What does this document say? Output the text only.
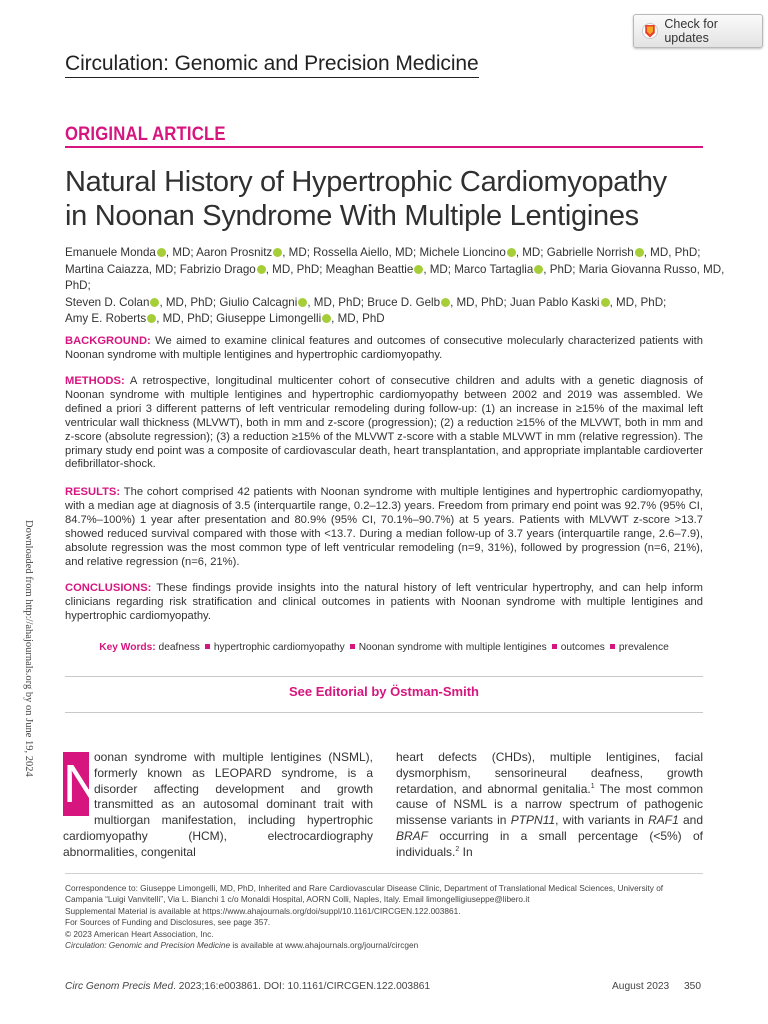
Check for updates
Circulation: Genomic and Precision Medicine
ORIGINAL ARTICLE
Natural History of Hypertrophic Cardiomyopathy
in Noonan Syndrome With Multiple Lentigines
Emanuele Monda , MD; Aaron Prosnitz , MD; Rossella Aiello, MD; Michele Lioncino , MD; Gabrielle Norrish , MD, PhD;
Martina Caiazza, MD; Fabrizio Drago , MD, PhD; Meaghan Beattie , MD; Marco Tartaglia , PhD; Maria Giovanna Russo, MD, PhD;
Steven D. Colan , MD, PhD; Giulio Calcagni , MD, PhD; Bruce D. Gelb , MD, PhD; Juan Pablo Kaski , MD, PhD;
Amy E. Roberts , MD, PhD; Giuseppe Limongelli , MD, PhD

BACKGROUND: We aimed to examine clinical features and outcomes of consecutive molecularly characterized patients with Noonan syndrome with multiple lentigines and hypertrophic cardiomyopathy.

METHODS: A retrospective, longitudinal multicenter cohort of consecutive children and adults with a genetic diagnosis of Noonan syndrome with multiple lentigines and hypertrophic cardiomyopathy between 2002 and 2019 was assembled. We defined a priori 3 different patterns of left ventricular remodeling during follow-up: (1) an increase in ≥15% of the maximal left ventricular wall thickness (MLVWT), both in mm and z-score (progression); (2) a reduction ≥15% of the MLVWT, both in mm and z-score (absolute regression); (3) a reduction ≥15% of the MLVWT z-score with a stable MLVWT in mm (relative regression). The primary study end point was a composite of cardiovascular death, heart transplantation, and appropriate implantable cardioverter defibrillator-shock.

RESULTS: The cohort comprised 42 patients with Noonan syndrome with multiple lentigines and hypertrophic cardiomyopathy, with a median age at diagnosis of 3.5 (interquartile range, 0.2–12.3) years. Freedom from primary end point was 92.7% (95% CI, 84.7%–100%) 1 year after presentation and 80.9% (95% CI, 70.1%–90.7%) at 5 years. Patients with MLVWT z-score >13.7 showed reduced survival compared with those with <13.7. During a median follow-up of 3.7 years (interquartile range, 2.6–7.9), absolute regression was the most common type of left ventricular remodeling (n=9, 31%), followed by progression (n=6, 21%), and relative regression (n=6, 21%).

CONCLUSIONS: These findings provide insights into the natural history of left ventricular hypertrophy, and can help inform clinicians regarding risk stratification and clinical outcomes in patients with Noonan syndrome with multiple lentigines and hypertrophic cardiomyopathy.

Key Words: deafness hypertrophic cardiomyopathy Noonan syndrome with multiple lentigines outcomes prevalence
See Editorial by Östman-Smith
Downloaded from http://ahajournals.org by on June 19, 2024
N
oonan syndrome with multiple lentigines (NSML), formerly known as LEOPARD syndrome, is a disorder affecting development and growth transmitted as an autosomal dominant trait with multiorgan manifestation, including hypertrophic cardiomyopathy (HCM), electrocardiography abnormalities, congenital
heart defects (CHDs), multiple lentigines, facial dysmorphism, sensorineural deafness, growth retardation, and abnormal genitalia.$^1$ The most common cause of NSML is a narrow spectrum of pathogenic missense variants in PTPN11, with variants in RAF1 and BRAF occurring in a small percentage (<5%) of individuals.$^2$ In
Correspondence to: Giuseppe Limongelli, MD, PhD, Inherited and Rare Cardiovascular Disease Clinic, Department of Translational Medical Sciences, University of Campania “Luigi Vanvitelli”, Via L. Bianchi 1 c/o Monaldi Hospital, AORN Colli, Naples, Italy. Email limongelligiuseppe@libero.it
Supplemental Material is available at https://www.ahajournals.org/doi/suppl/10.1161/CIRCGEN.122.003861.
For Sources of Funding and Disclosures, see page 357.
© 2023 American Heart Association, Inc.
Circulation: Genomic and Precision Medicine is available at www.ahajournals.org/journal/circgen
Circ Genom Precis Med. 2023;16:e003861. DOI: 10.1161/CIRCGEN.122.003861	August 2023 350
